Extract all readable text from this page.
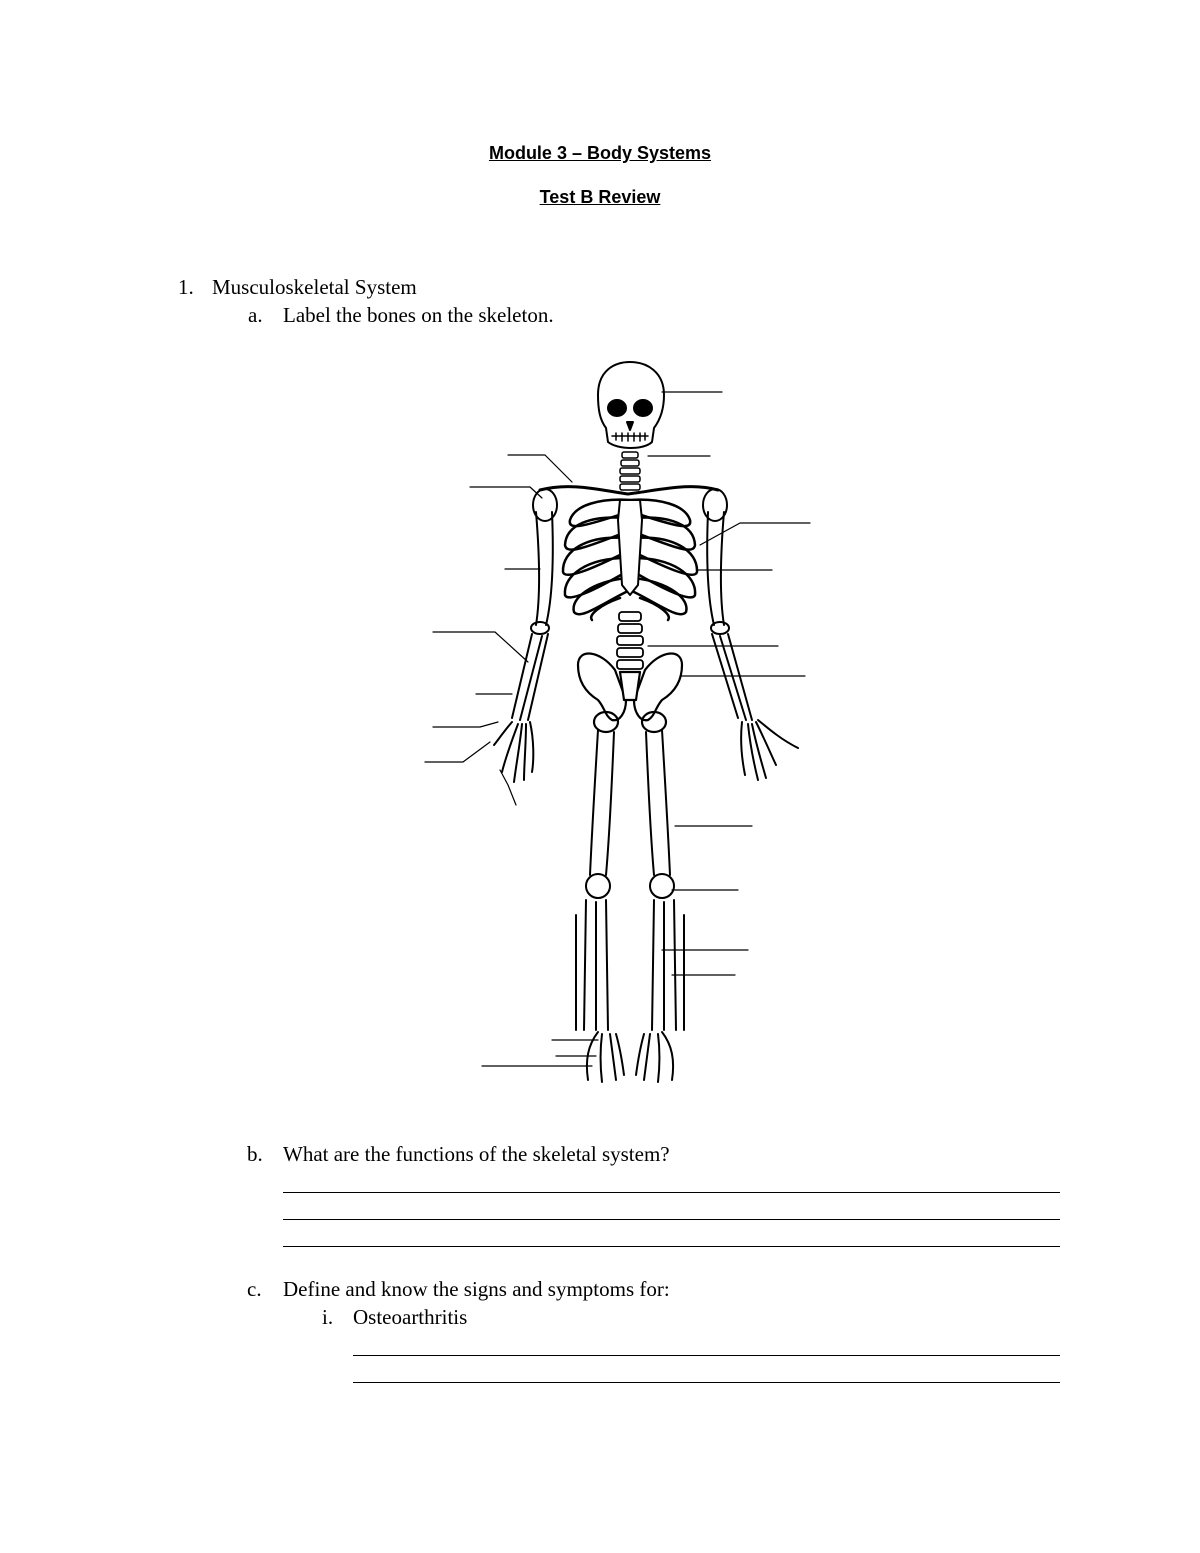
Module 3 – Body Systems
Test B Review
1. Musculoskeletal System
a. Label the bones on the skeleton.
b. What are the functions of the skeletal system?
c. Define and know the signs and symptoms for:
i. Osteoarthritis
